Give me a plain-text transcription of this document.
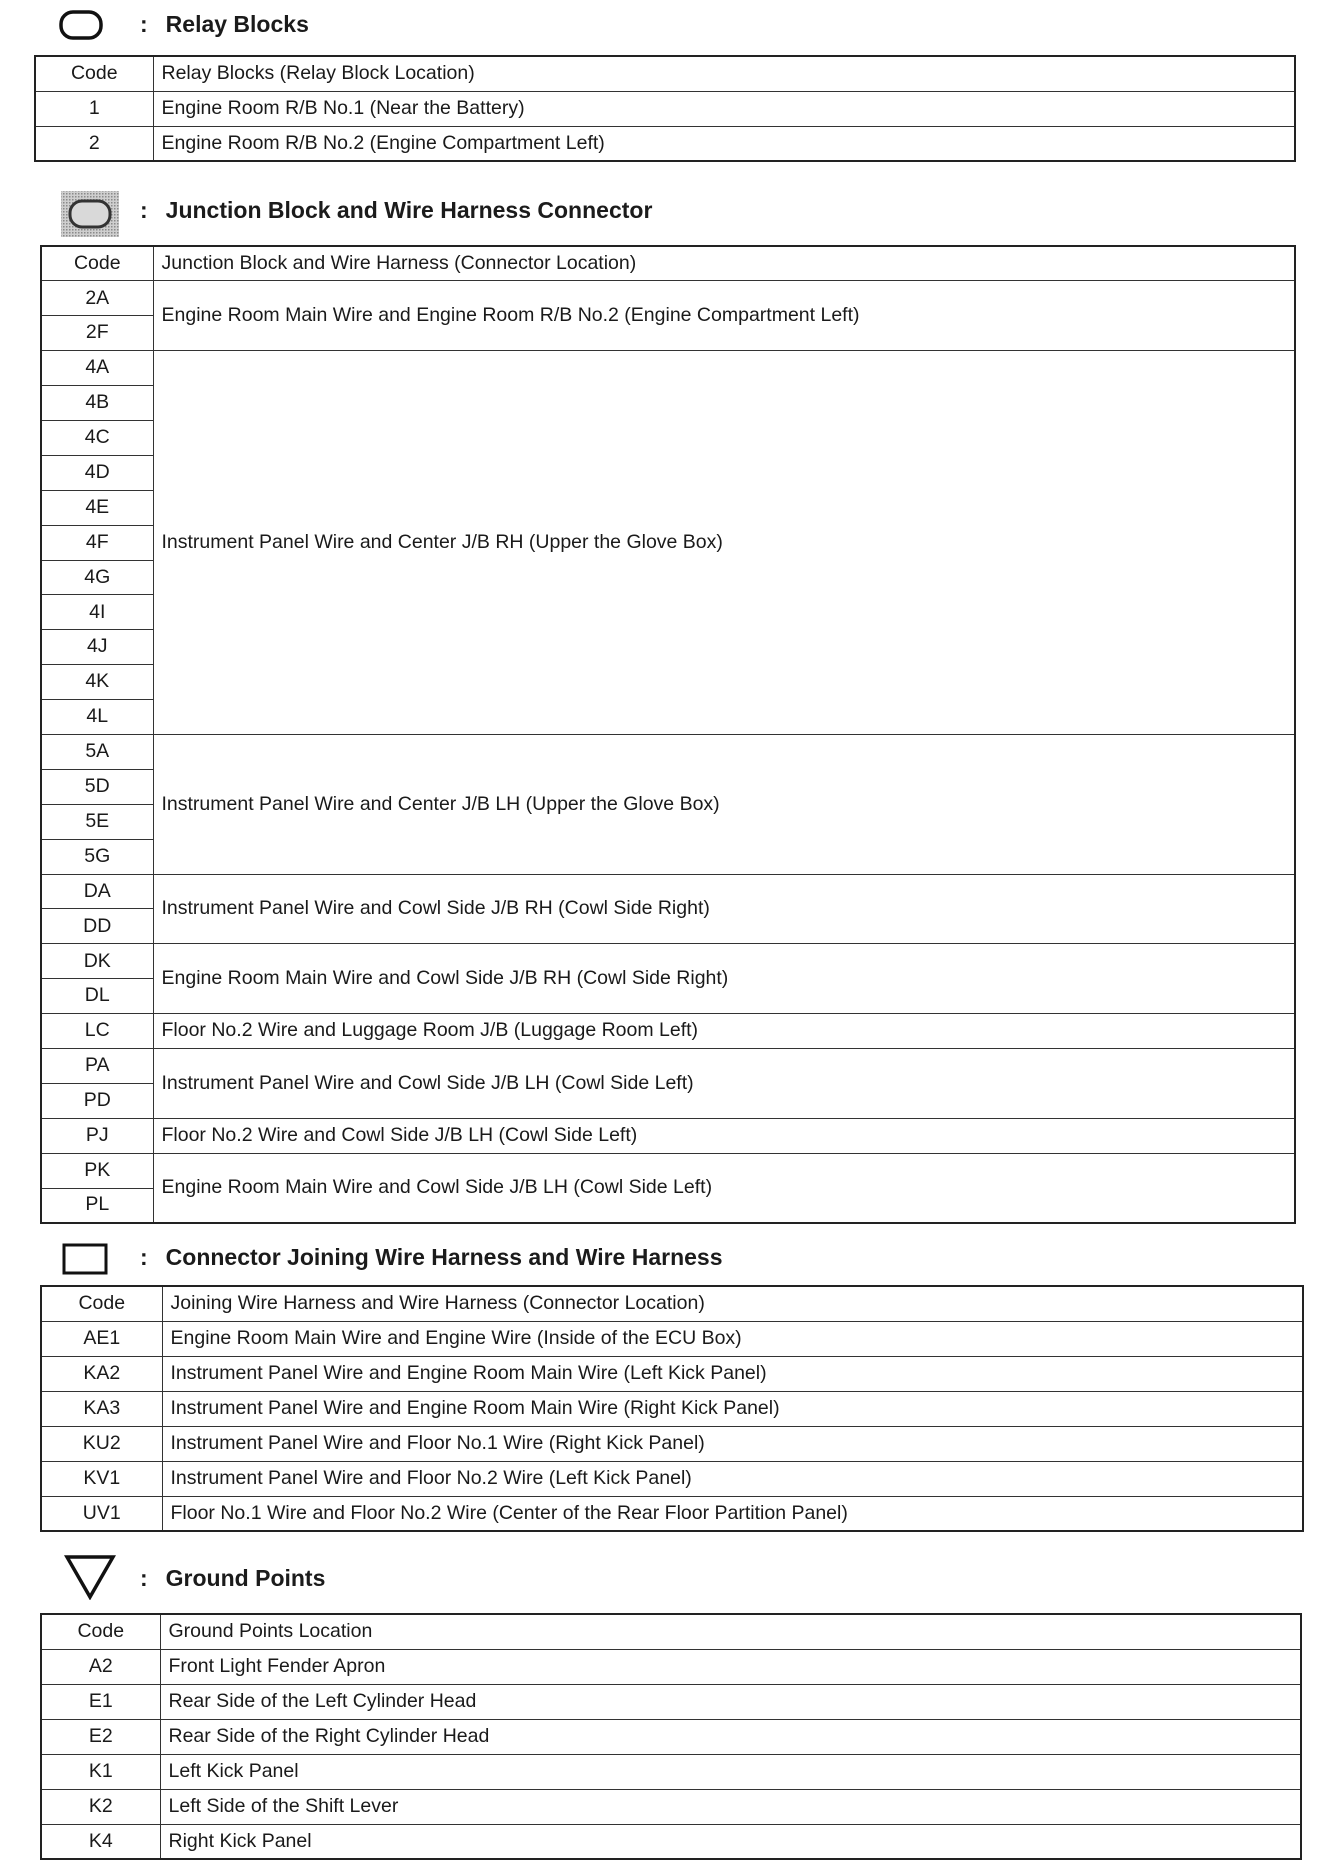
: Relay Blocks
Code	Relay Blocks (Relay Block Location)
1	Engine Room R/B No.1 (Near the Battery)
2	Engine Room R/B No.2 (Engine Compartment Left)
: Junction Block and Wire Harness Connector
Code	Junction Block and Wire Harness (Connector Location)
2A	Engine Room Main Wire and Engine Room R/B No.2 (Engine Compartment Left)
2F	
4A	Instrument Panel Wire and Center J/B RH (Upper the Glove Box)
4B	
4C	
4D	
4E	
4F	
4G	
4I	
4J	
4K	
4L	
5A	Instrument Panel Wire and Center J/B LH (Upper the Glove Box)
5D	
5E	
5G	
DA	Instrument Panel Wire and Cowl Side J/B RH (Cowl Side Right)
DD	
DK	Engine Room Main Wire and Cowl Side J/B RH (Cowl Side Right)
DL	
LC	Floor No.2 Wire and Luggage Room J/B (Luggage Room Left)
PA	Instrument Panel Wire and Cowl Side J/B LH (Cowl Side Left)
PD	
PJ	Floor No.2 Wire and Cowl Side J/B LH (Cowl Side Left)
PK	Engine Room Main Wire and Cowl Side J/B LH (Cowl Side Left)
PL	
: Connector Joining Wire Harness and Wire Harness
Code	Joining Wire Harness and Wire Harness (Connector Location)
AE1	Engine Room Main Wire and Engine Wire (Inside of the ECU Box)
KA2	Instrument Panel Wire and Engine Room Main Wire (Left Kick Panel)
KA3	Instrument Panel Wire and Engine Room Main Wire (Right Kick Panel)
KU2	Instrument Panel Wire and Floor No.1 Wire (Right Kick Panel)
KV1	Instrument Panel Wire and Floor No.2 Wire (Left Kick Panel)
UV1	Floor No.1 Wire and Floor No.2 Wire (Center of the Rear Floor Partition Panel)
: Ground Points
Code	Ground Points Location
A2	Front Light Fender Apron
E1	Rear Side of the Left Cylinder Head
E2	Rear Side of the Right Cylinder Head
K1	Left Kick Panel
K2	Left Side of the Shift Lever
K4	Right Kick Panel
